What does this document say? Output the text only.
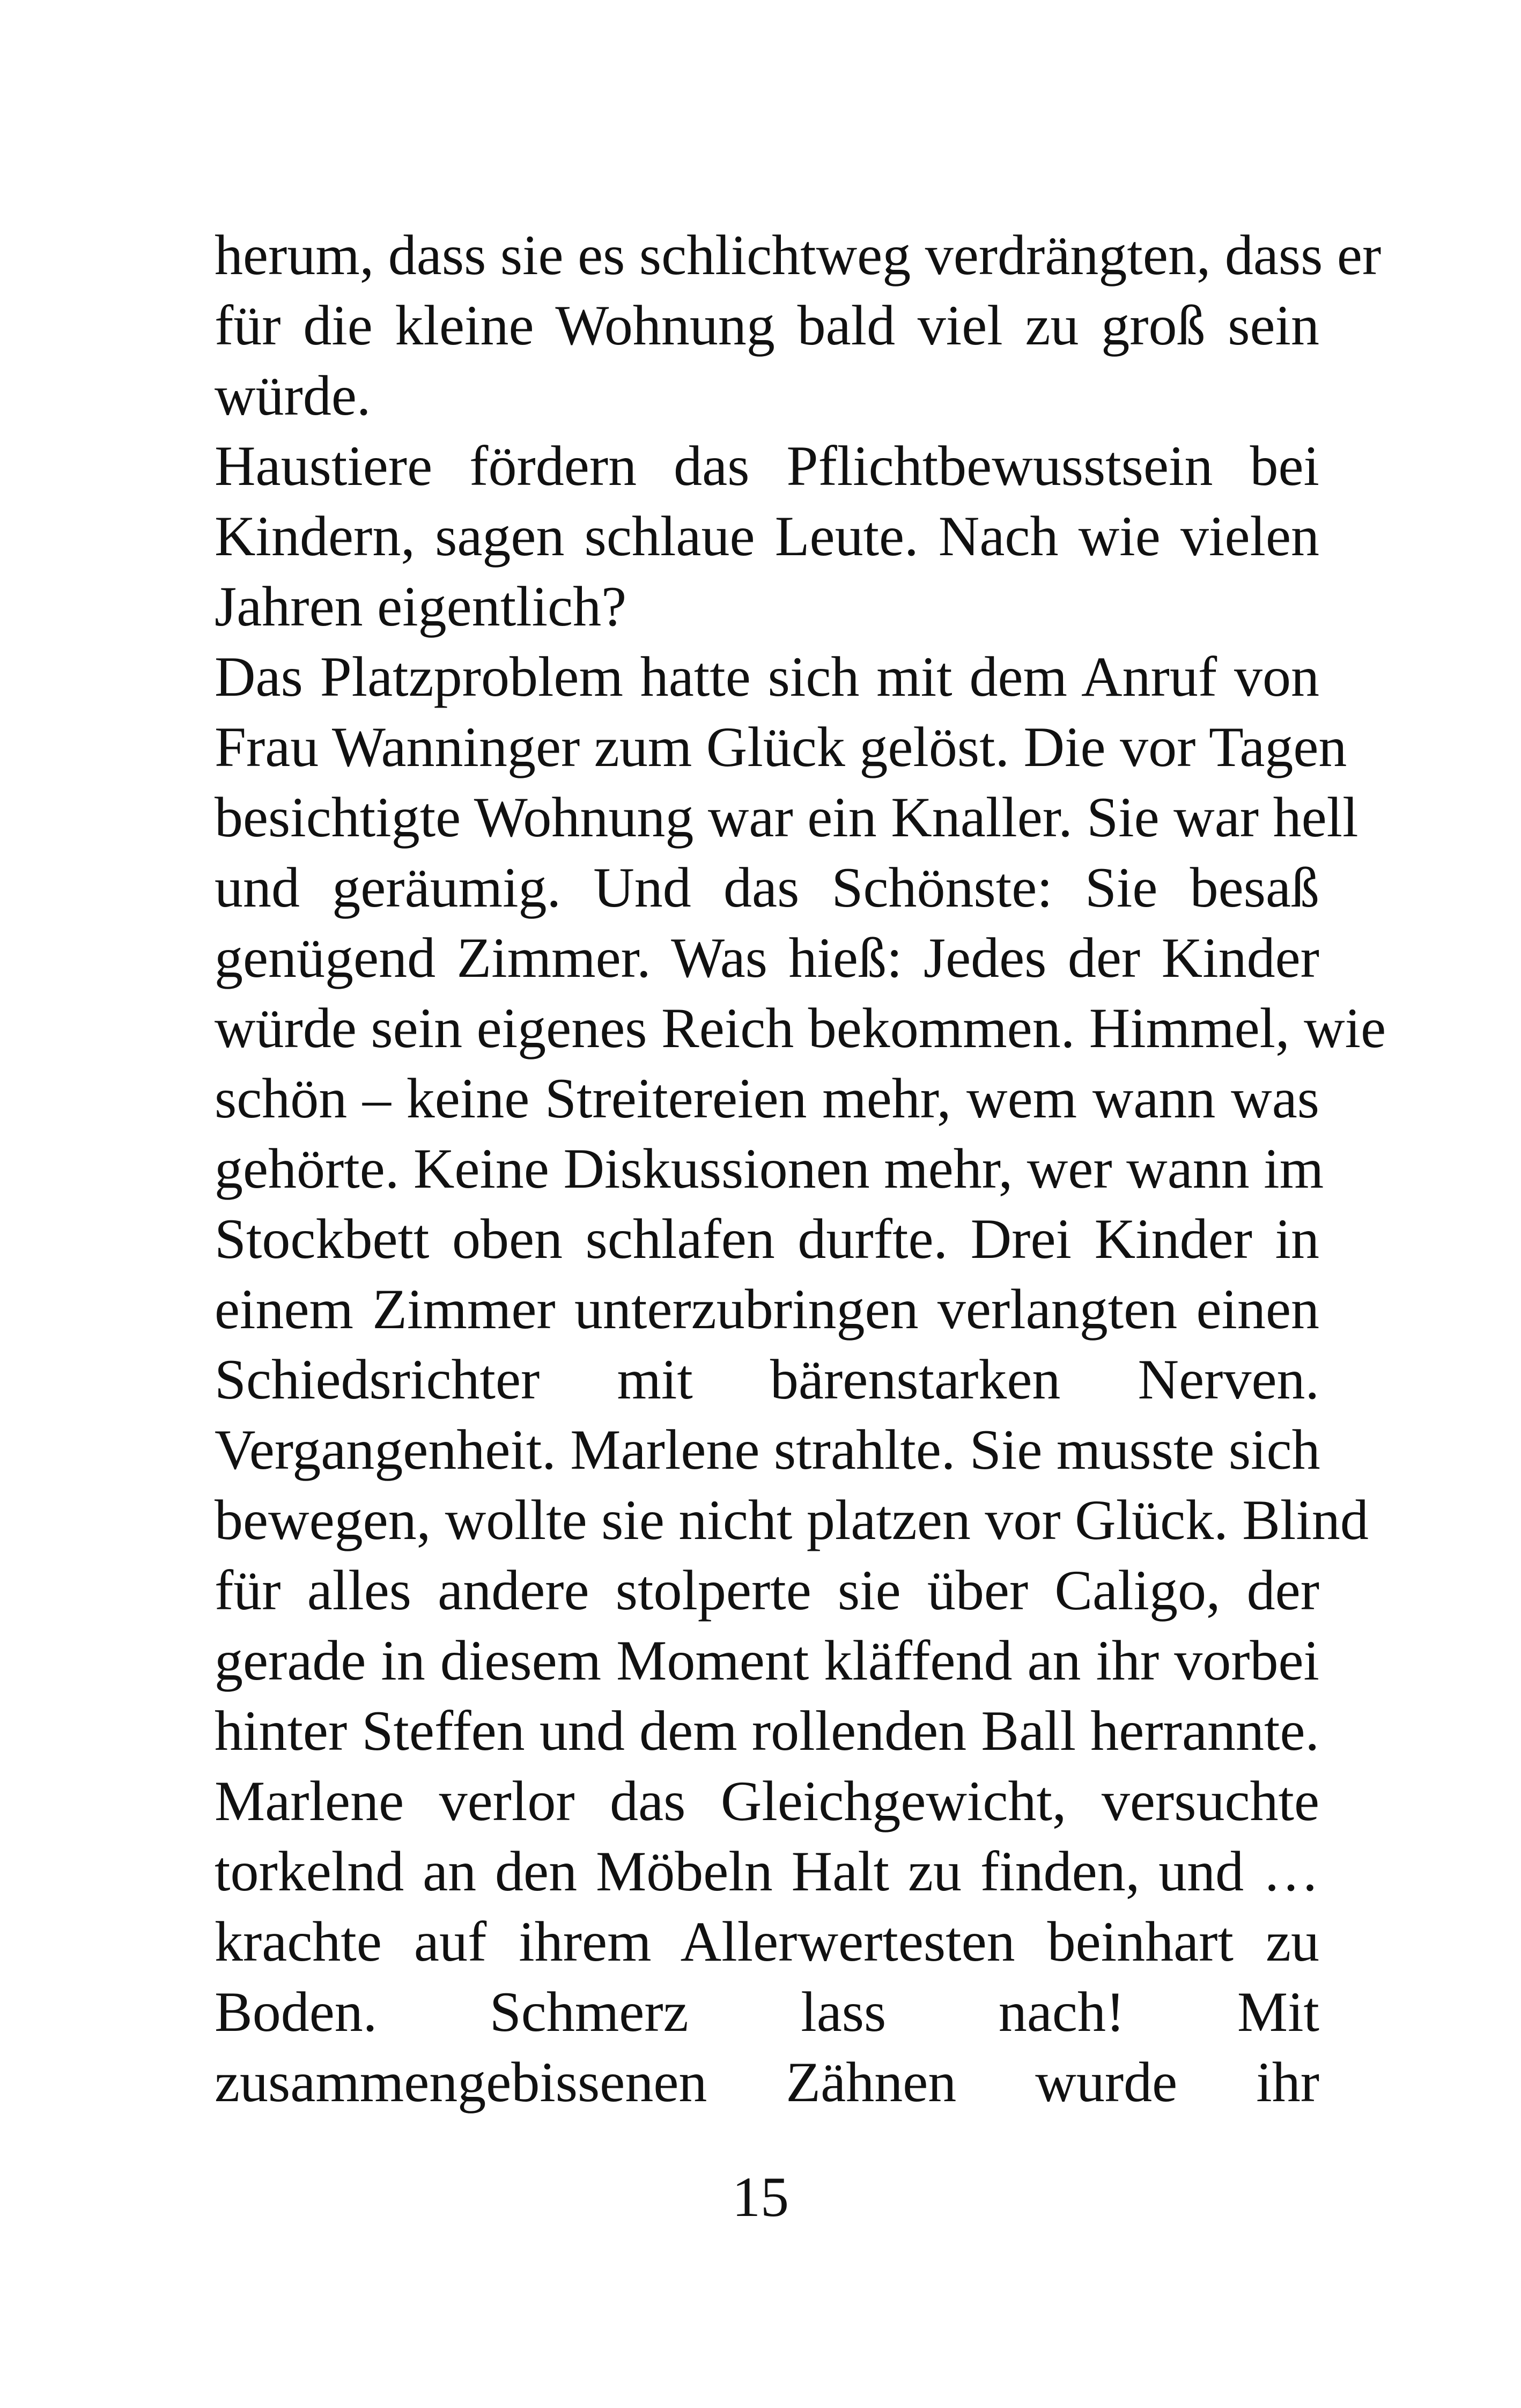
herum, dass sie es schlichtweg verdrängten, dass er
für die kleine Wohnung bald viel zu groß sein
würde.
Haustiere fördern das Pflichtbewusstsein bei
Kindern, sagen schlaue Leute. Nach wie vielen
Jahren eigentlich?
Das Platzproblem hatte sich mit dem Anruf von
Frau Wanninger zum Glück gelöst. Die vor Tagen
besichtigte Wohnung war ein Knaller. Sie war hell
und geräumig. Und das Schönste: Sie besaß
genügend Zimmer. Was hieß: Jedes der Kinder
würde sein eigenes Reich bekommen. Himmel, wie
schön – keine Streitereien mehr, wem wann was
gehörte. Keine Diskussionen mehr, wer wann im
Stockbett oben schlafen durfte. Drei Kinder in
einem Zimmer unterzubringen verlangten einen
Schiedsrichter mit bärenstarken Nerven.
Vergangenheit. Marlene strahlte. Sie musste sich
bewegen, wollte sie nicht platzen vor Glück. Blind
für alles andere stolperte sie über Caligo, der
gerade in diesem Moment kläffend an ihr vorbei
hinter Steffen und dem rollenden Ball herrannte.
Marlene verlor das Gleichgewicht, versuchte
torkelnd an den Möbeln Halt zu finden, und …
krachte auf ihrem Allerwertesten beinhart zu
Boden. Schmerz lass nach! Mit
zusammengebissenen Zähnen wurde ihr
15
